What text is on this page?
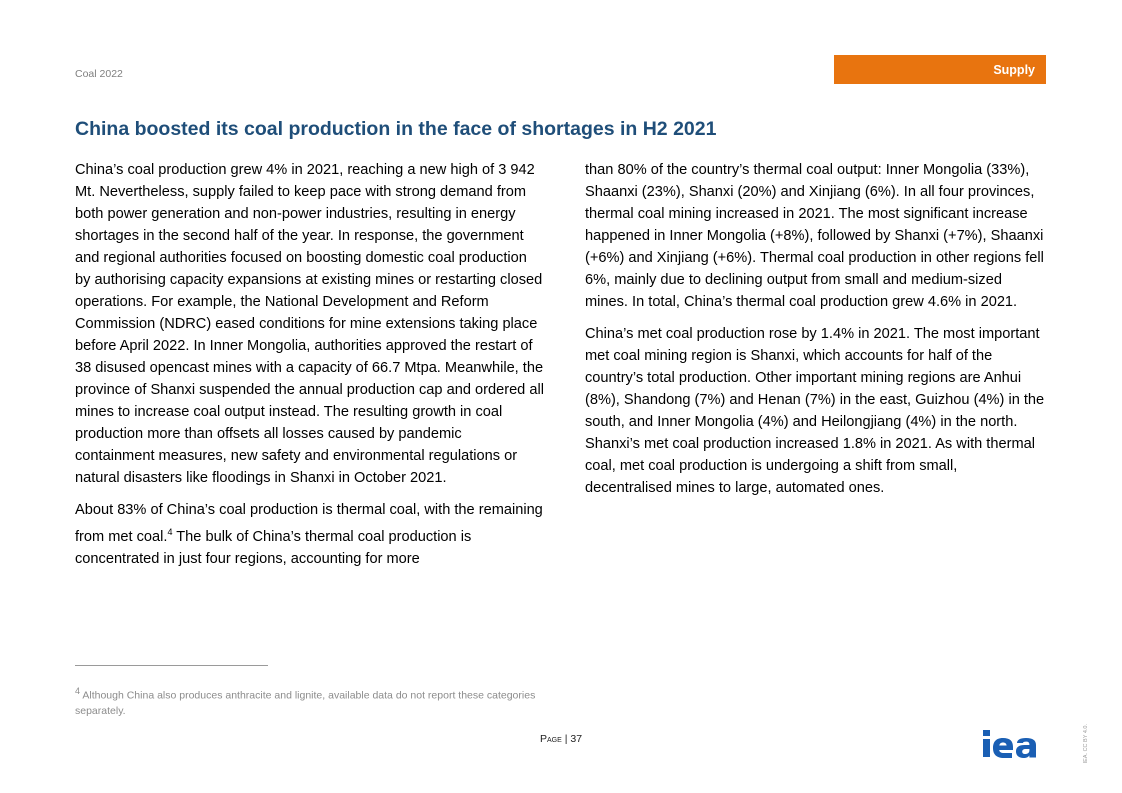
Coal 2022	Supply
China boosted its coal production in the face of shortages in H2 2021

China’s coal production grew 4% in 2021, reaching a new high of 3 942 Mt. Nevertheless, supply failed to keep pace with strong demand from both power generation and non-power industries, resulting in energy shortages in the second half of the year. In response, the government and regional authorities focused on boosting domestic coal production by authorising capacity expansions at existing mines or restarting closed operations. For example, the National Development and Reform Commission (NDRC) eased conditions for mine extensions taking place before April 2022. In Inner Mongolia, authorities approved the restart of 38 disused opencast mines with a capacity of 66.7 Mtpa. Meanwhile, the province of Shanxi suspended the annual production cap and ordered all mines to increase coal output instead. The resulting growth in coal production more than offsets all losses caused by pandemic containment measures, new safety and environmental regulations or natural disasters like floodings in Shanxi in October 2021.

About 83% of China’s coal production is thermal coal, with the remaining from met coal.$^4$ The bulk of China’s thermal coal production is concentrated in just four regions, accounting for more

than 80% of the country’s thermal coal output: Inner Mongolia (33%), Shaanxi (23%), Shanxi (20%) and Xinjiang (6%). In all four provinces, thermal coal mining increased in 2021. The most significant increase happened in Inner Mongolia (+8%), followed by Shanxi (+7%), Shaanxi (+6%) and Xinjiang (+6%). Thermal coal production in other regions fell 6%, mainly due to declining output from small and medium-sized mines. In total, China’s thermal coal production grew 4.6% in 2021.

China’s met coal production rose by 1.4% in 2021. The most important met coal mining region is Shanxi, which accounts for half of the country’s total production. Other important mining regions are Anhui (8%), Shandong (7%) and Henan (7%) in the east, Guizhou (4%) in the south, and Inner Mongolia (4%) and Heilongjiang (4%) in the north. Shanxi’s met coal production increased 1.8% in 2021. As with thermal coal, met coal production is undergoing a shift from small, decentralised mines to large, automated ones.

$^4$ Although China also produces anthracite and lignite, available data do not report these categories separately.
Page | 37	IEA. CC BY 4.0.
